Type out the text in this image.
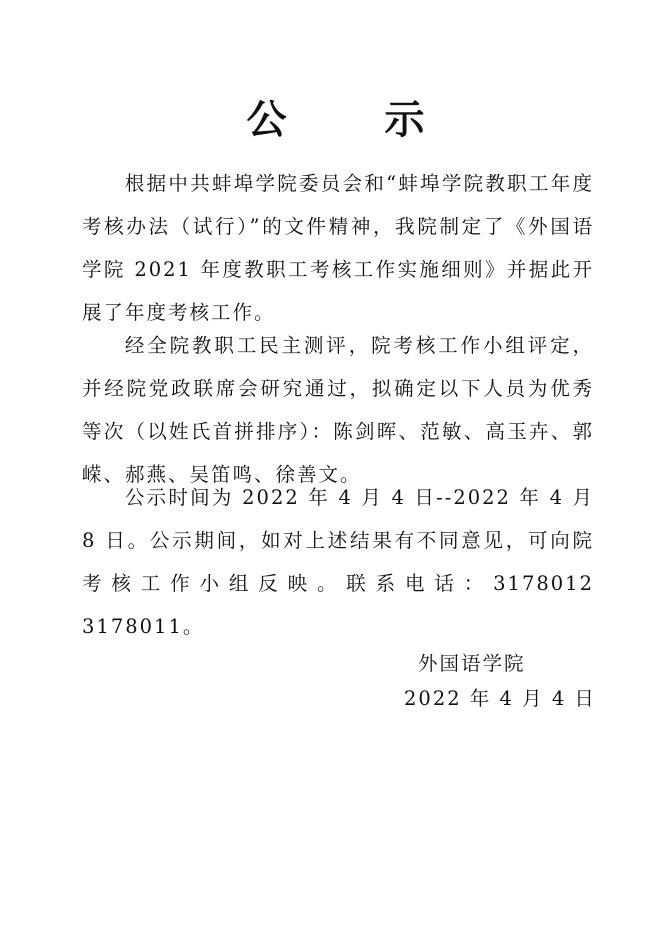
公 示

根据中共蚌埠学院委员会和“蚌埠学院教职工年度考核办法（试行）”的文件精神，我院制定了《外国语学院 2021 年度教职工考核工作实施细则》并据此开展了年度考核工作。

经全院教职工民主测评，院考核工作小组评定，并经院党政联席会研究通过，拟确定以下人员为优秀等次（以姓氏首拼排序）：陈剑晖、范敏、高玉卉、郭嵘、郝燕、吴笛鸣、徐善文。

公示时间为 2022 年 4 月 4 日--2022 年 4 月 8 日。公示期间，如对上述结果有不同意见，可向院考核工作小组反映。联系电话：3178012　3178011。

外国语学院
2022 年 4 月 4 日
